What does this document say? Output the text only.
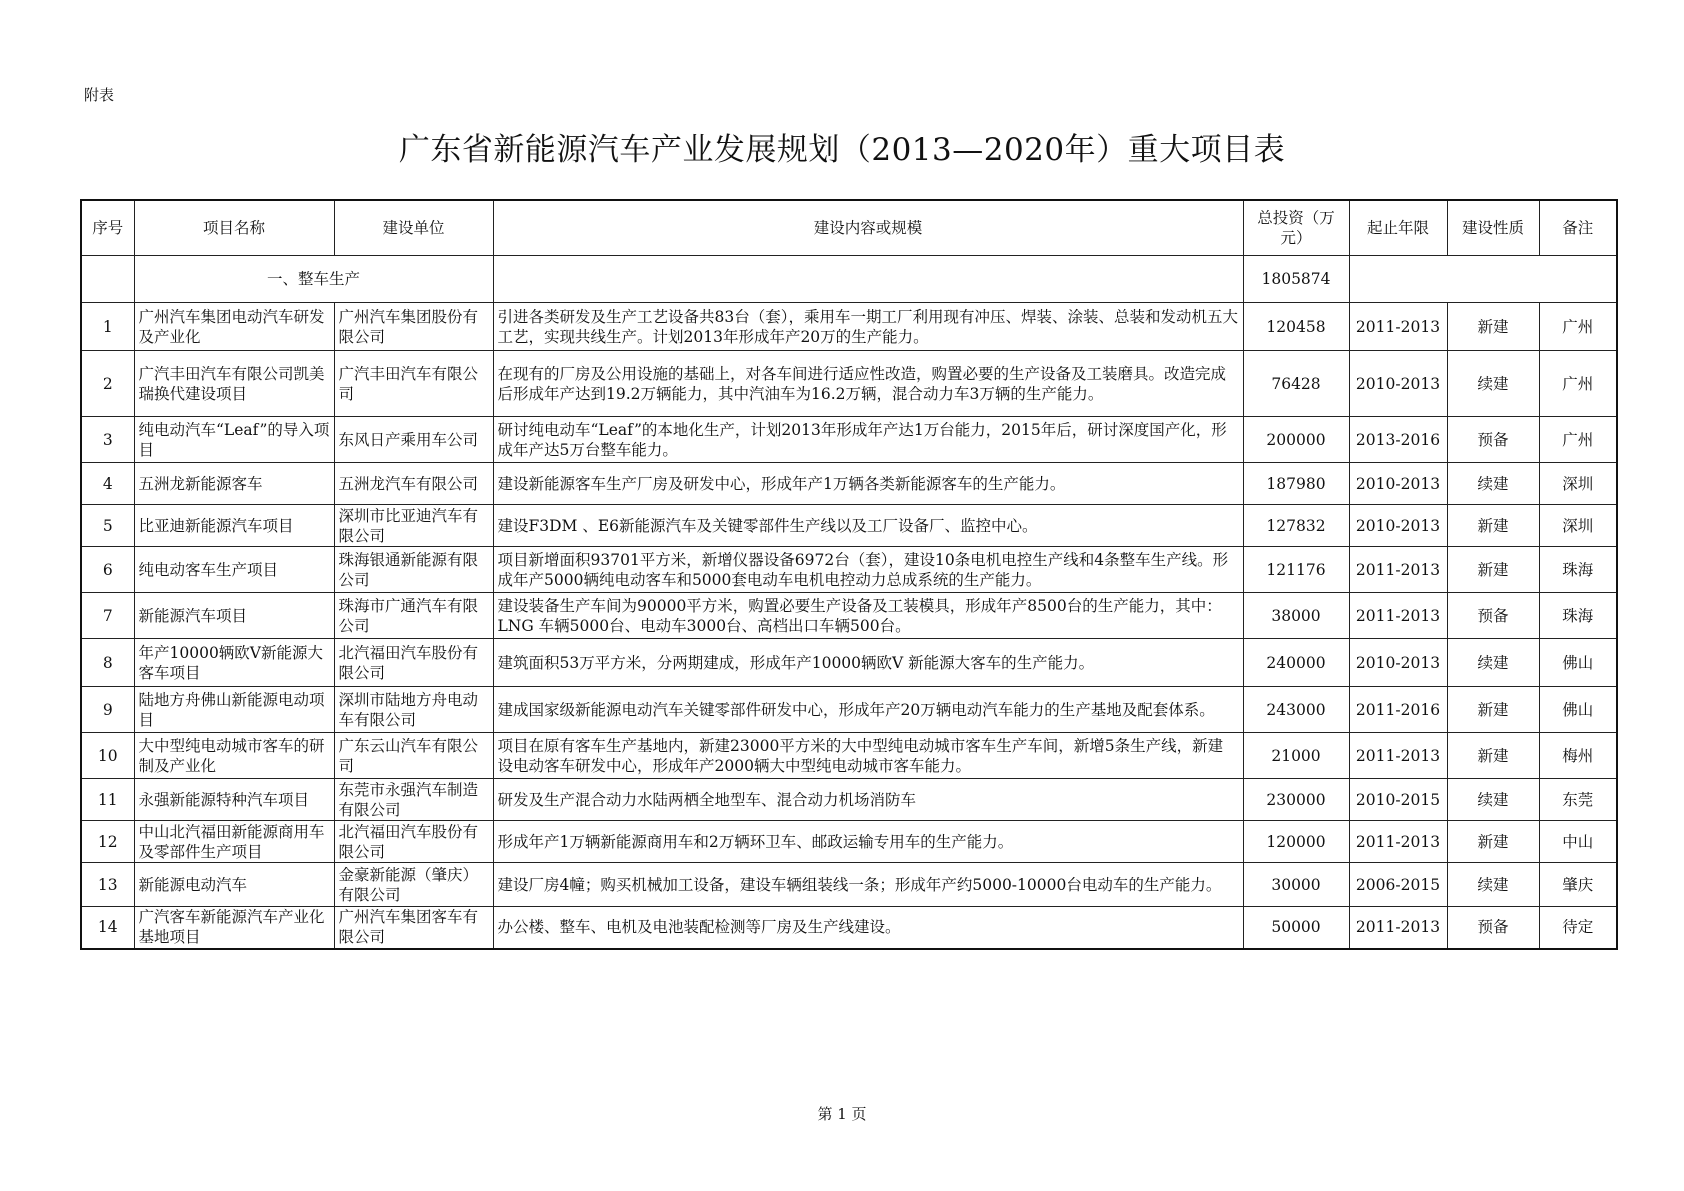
附表
广东省新能源汽车产业发展规划（2013—2020年）重大项目表
序号	项目名称	建设单位	建设内容或规模	总投资（万元）	起止年限	建设性质	备注
	一、整车生产			1805874			
1	广州汽车集团电动汽车研发及产业化	广州汽车集团股份有限公司	引进各类研发及生产工艺设备共83台（套），乘用车一期工厂利用现有冲压、焊装、涂装、总装和发动机五大工艺，实现共线生产。计划2013年形成年产20万的生产能力。	120458	2011-2013	新建	广州
2	广汽丰田汽车有限公司凯美瑞换代建设项目	广汽丰田汽车有限公司	在现有的厂房及公用设施的基础上，对各车间进行适应性改造，购置必要的生产设备及工装磨具。改造完成后形成年产达到19.2万辆能力，其中汽油车为16.2万辆，混合动力车3万辆的生产能力。	76428	2010-2013	续建	广州
3	纯电动汽车“Leaf”的导入项目	东风日产乘用车公司	研讨纯电动车“Leaf”的本地化生产，计划2013年形成年产达1万台能力，2015年后，研讨深度国产化，形成年产达5万台整车能力。	200000	2013-2016	预备	广州
4	五洲龙新能源客车	五洲龙汽车有限公司	建设新能源客车生产厂房及研发中心，形成年产1万辆各类新能源客车的生产能力。	187980	2010-2013	续建	深圳
5	比亚迪新能源汽车项目	深圳市比亚迪汽车有限公司	建设F3DM 、E6新能源汽车及关键零部件生产线以及工厂设备厂、监控中心。	127832	2010-2013	新建	深圳
6	纯电动客车生产项目	珠海银通新能源有限公司	项目新增面积93701平方米，新增仪器设备6972台（套），建设10条电机电控生产线和4条整车生产线。形成年产5000辆纯电动客车和5000套电动车电机电控动力总成系统的生产能力。	121176	2011-2013	新建	珠海
7	新能源汽车项目	珠海市广通汽车有限公司	建设装备生产车间为90000平方米，购置必要生产设备及工装模具，形成年产8500台的生产能力，其中：LNG 车辆5000台、电动车3000台、高档出口车辆500台。	38000	2011-2013	预备	珠海
8	年产10000辆欧V新能源大客车项目	北汽福田汽车股份有限公司	建筑面积53万平方米，分两期建成，形成年产10000辆欧V 新能源大客车的生产能力。	240000	2010-2013	续建	佛山
9	陆地方舟佛山新能源电动项目	深圳市陆地方舟电动车有限公司	建成国家级新能源电动汽车关键零部件研发中心，形成年产20万辆电动汽车能力的生产基地及配套体系。	243000	2011-2016	新建	佛山
10	大中型纯电动城市客车的研制及产业化	广东云山汽车有限公司	项目在原有客车生产基地内，新建23000平方米的大中型纯电动城市客车生产车间，新增5条生产线，新建设电动客车研发中心，形成年产2000辆大中型纯电动城市客车能力。	21000	2011-2013	新建	梅州
11	永强新能源特种汽车项目	东莞市永强汽车制造有限公司	研发及生产混合动力水陆两栖全地型车、混合动力机场消防车	230000	2010-2015	续建	东莞
12	中山北汽福田新能源商用车及零部件生产项目	北汽福田汽车股份有限公司	形成年产1万辆新能源商用车和2万辆环卫车、邮政运输专用车的生产能力。	120000	2011-2013	新建	中山
13	新能源电动汽车	金豪新能源（肇庆）有限公司	建设厂房4幢；购买机械加工设备，建设车辆组装线一条；形成年产约5000-10000台电动车的生产能力。	30000	2006-2015	续建	肇庆
14	广汽客车新能源汽车产业化基地项目	广州汽车集团客车有限公司	办公楼、整车、电机及电池装配检测等厂房及生产线建设。	50000	2011-2013	预备	待定
第 1 页
